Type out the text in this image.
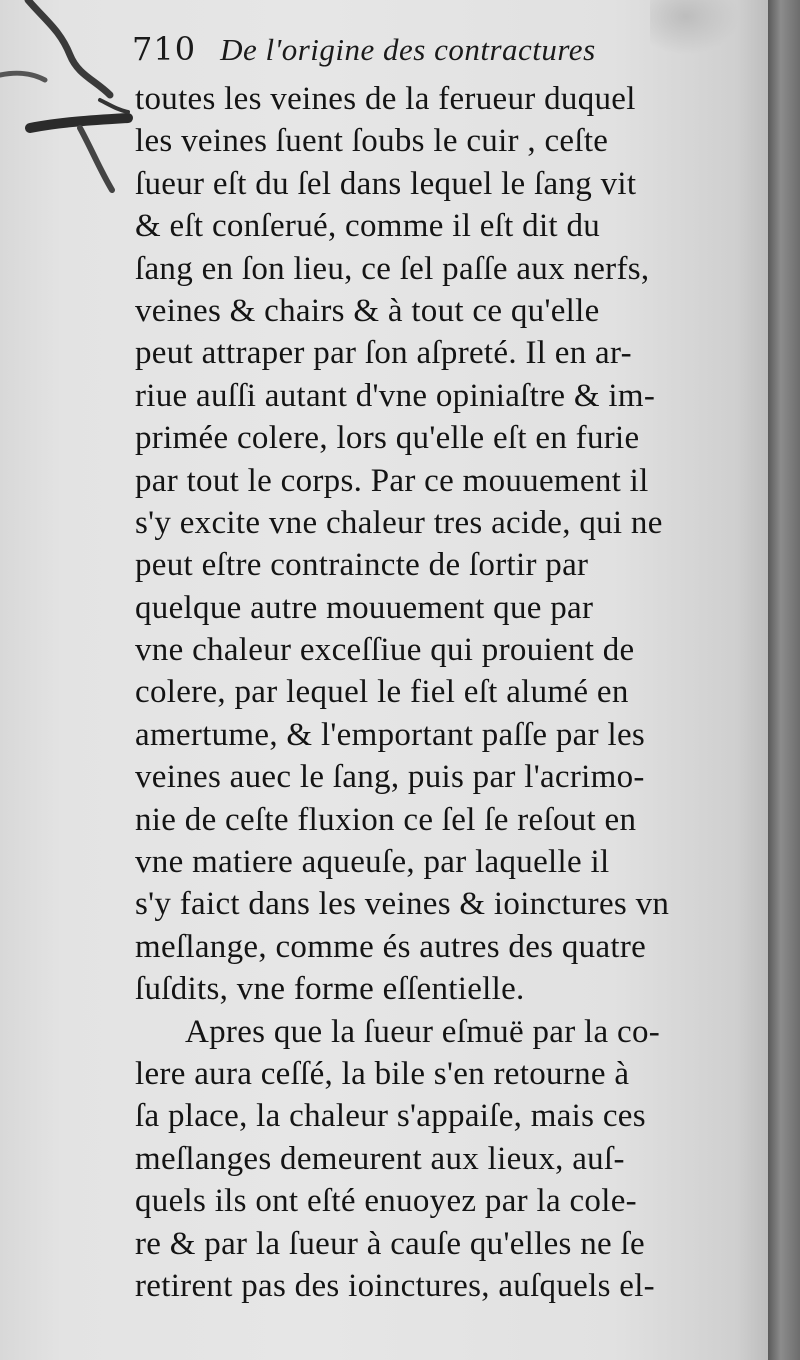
710 De l'origine des contractures
toutes les veines de la ferueur duquel
les veines ſuent ſoubs le cuir , ceſte
ſueur eſt du ſel dans lequel le ſang vit
& eſt conſerué, comme il eſt dit du
ſang en ſon lieu, ce ſel paſſe aux nerfs,
veines & chairs & à tout ce qu'elle
peut attraper par ſon aſpreté. Il en ar-
riue auſſi autant d'vne opiniaſtre & im-
primée colere, lors qu'elle eſt en furie
par tout le corps. Par ce mouuement il
s'y excite vne chaleur tres acide, qui ne
peut eſtre contraincte de ſortir par
quelque autre mouuement que par
vne chaleur exceſſiue qui prouient de
colere, par lequel le fiel eſt alumé en
amertume, & l'emportant paſſe par les
veines auec le ſang, puis par l'acrimo-
nie de ceſte fluxion ce ſel ſe reſout en
vne matiere aqueuſe, par laquelle il
s'y faict dans les veines & ioinctures vn
meſlange, comme és autres des quatre
ſuſdits, vne forme eſſentielle.
Apres que la ſueur eſmuë par la co-
lere aura ceſſé, la bile s'en retourne à
ſa place, la chaleur s'appaiſe, mais ces
meſlanges demeurent aux lieux, auſ-
quels ils ont eſté enuoyez par la cole-
re & par la ſueur à cauſe qu'elles ne ſe
retirent pas des ioinctures, auſquels el-
